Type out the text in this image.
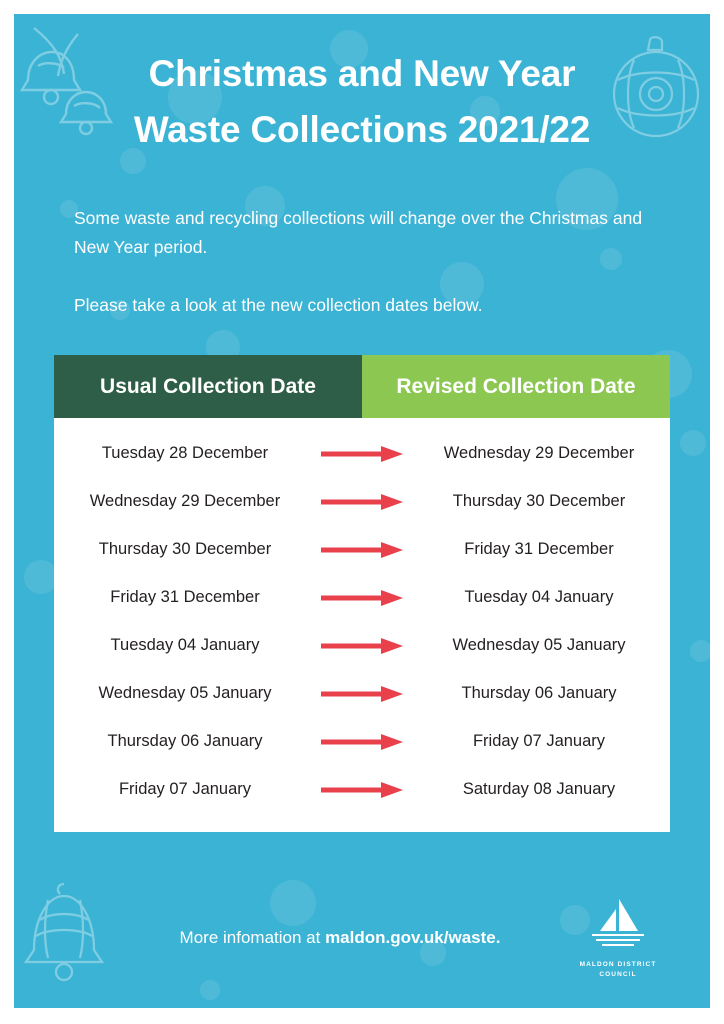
Christmas and New Year
Waste Collections 2021/22

Some waste and recycling collections will change over the Christmas and New Year period.

Please take a look at the new collection dates below.

Usual Collection Date	Revised Collection Date
Tuesday 28 December	Wednesday 29 December
Wednesday 29 December	Thursday 30 December
Thursday 30 December	Friday 31 December
Friday 31 December	Tuesday 04 January
Tuesday 04 January	Wednesday 05 January
Wednesday 05 January	Thursday 06 January
Thursday 06 January	Friday 07 January
Friday 07 January	Saturday 08 January
More infomation at maldon.gov.uk/waste.
MALDON DISTRICT
COUNCIL
